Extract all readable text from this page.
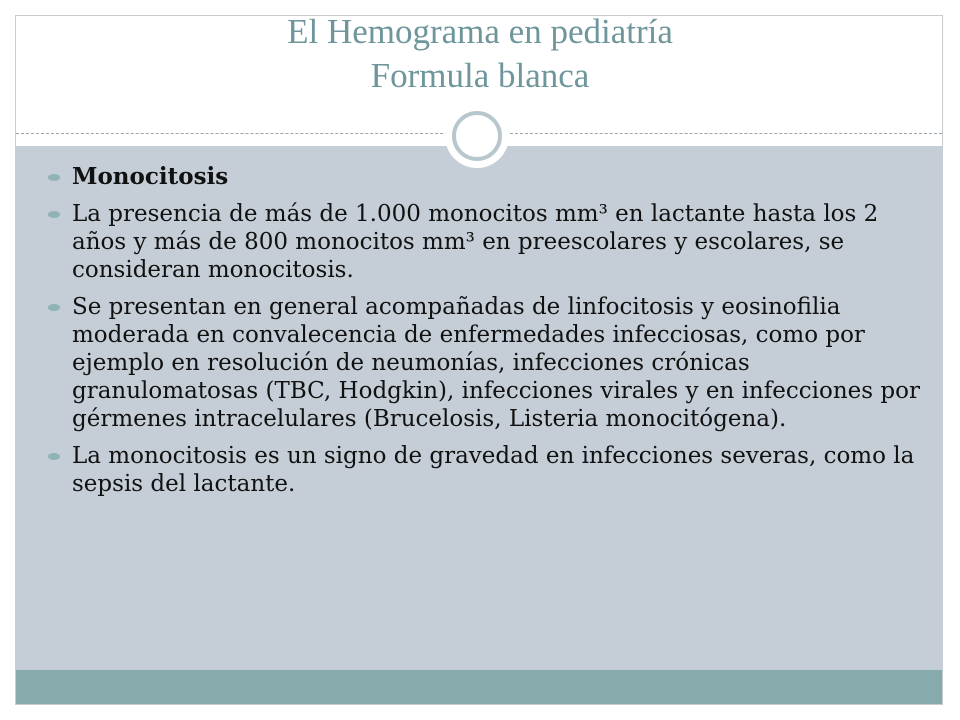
El Hemograma en pediatría
Formula blanca
Monocitosis
La presencia de más de 1.000 monocitos mm³ en lactante hasta los 2 años y más de 800 monocitos mm³ en preescolares y escolares, se consideran monocitosis.
Se presentan en general acompañadas de linfocitosis y eosinofilia moderada en convalecencia de enfermedades infecciosas, como por ejemplo en resolución de neumonías, infecciones crónicas granulomatosas (TBC, Hodgkin), infecciones virales y en infecciones por gérmenes intracelulares (Brucelosis, Listeria monocitógena).
La monocitosis es un signo de gravedad en infecciones severas, como la sepsis del lactante.
